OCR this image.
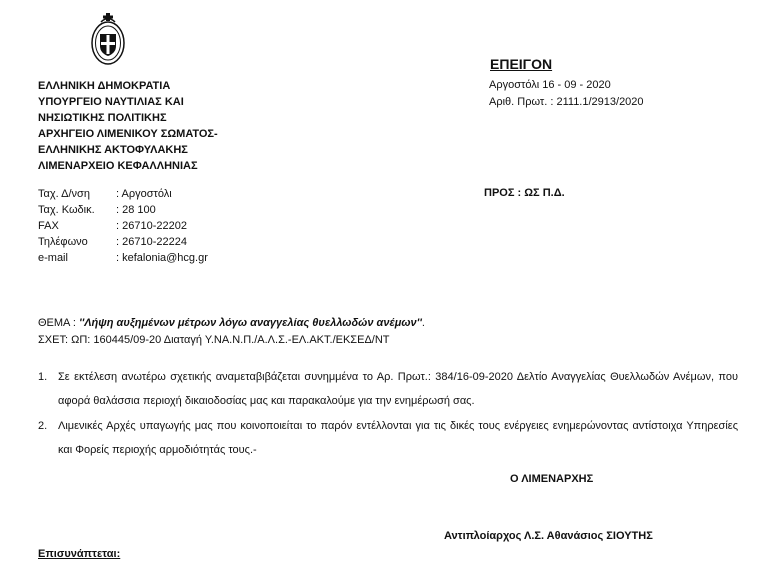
ΕΛΛΗΝΙΚΗ ΔΗΜΟΚΡΑΤΙΑ
ΥΠΟΥΡΓΕΙΟ ΝΑΥΤΙΛΙΑΣ ΚΑΙ
ΝΗΣΙΩΤΙΚΗΣ ΠΟΛΙΤΙΚΗΣ
ΑΡΧΗΓΕΙΟ ΛΙΜΕΝΙΚΟΥ ΣΩΜΑΤΟΣ-
ΕΛΛΗΝΙΚΗΣ ΑΚΤΟΦΥΛΑΚΗΣ
ΛΙΜΕΝΑΡΧΕΙΟ ΚΕΦΑΛΛΗΝΙΑΣ
Ταχ. Δ/νση	: Αργοστόλι
Ταχ. Κωδικ.	: 28 100
FAX	: 26710-22202
Τηλέφωνο	: 26710-22224
e-mail	: kefalonia@hcg.gr
ΕΠΕΙΓΟΝ
Αργοστόλι 16 - 09 - 2020
Αριθ. Πρωτ. : 2111.1/2913/2020
ΠΡΟΣ : ΩΣ Π.Δ.
ΘΕΜΑ : ''Λήψη αυξημένων μέτρων λόγω αναγγελίας θυελλωδών ανέμων''.
ΣΧΕΤ: ΩΠ: 160445/09-20 Διαταγή Υ.ΝΑ.Ν.Π./Α.Λ.Σ.-ΕΛ.ΑΚΤ./ΕΚΣΕΔ/ΝΤ
1. Σε εκτέλεση ανωτέρω σχετικής αναμεταβιβάζεται συνημμένα το Αρ. Πρωτ.: 384/16-09-2020 Δελτίο Αναγγελίας Θυελλωδών Ανέμων, που αφορά θαλάσσια περιοχή δικαιοδοσίας μας και παρακαλούμε για την ενημέρωσή σας.
2. Λιμενικές Αρχές υπαγωγής μας που κοινοποιείται το παρόν εντέλλονται για τις δικές τους ενέργειες ενημερώνοντας αντίστοιχα Υπηρεσίες και Φορείς περιοχής αρμοδιότητάς τους.-
Ο ΛΙΜΕΝΑΡΧΗΣ
Αντιπλοίαρχος Λ.Σ. Αθανάσιος ΣΙΟΥΤΗΣ
Επισυνάπτεται:
